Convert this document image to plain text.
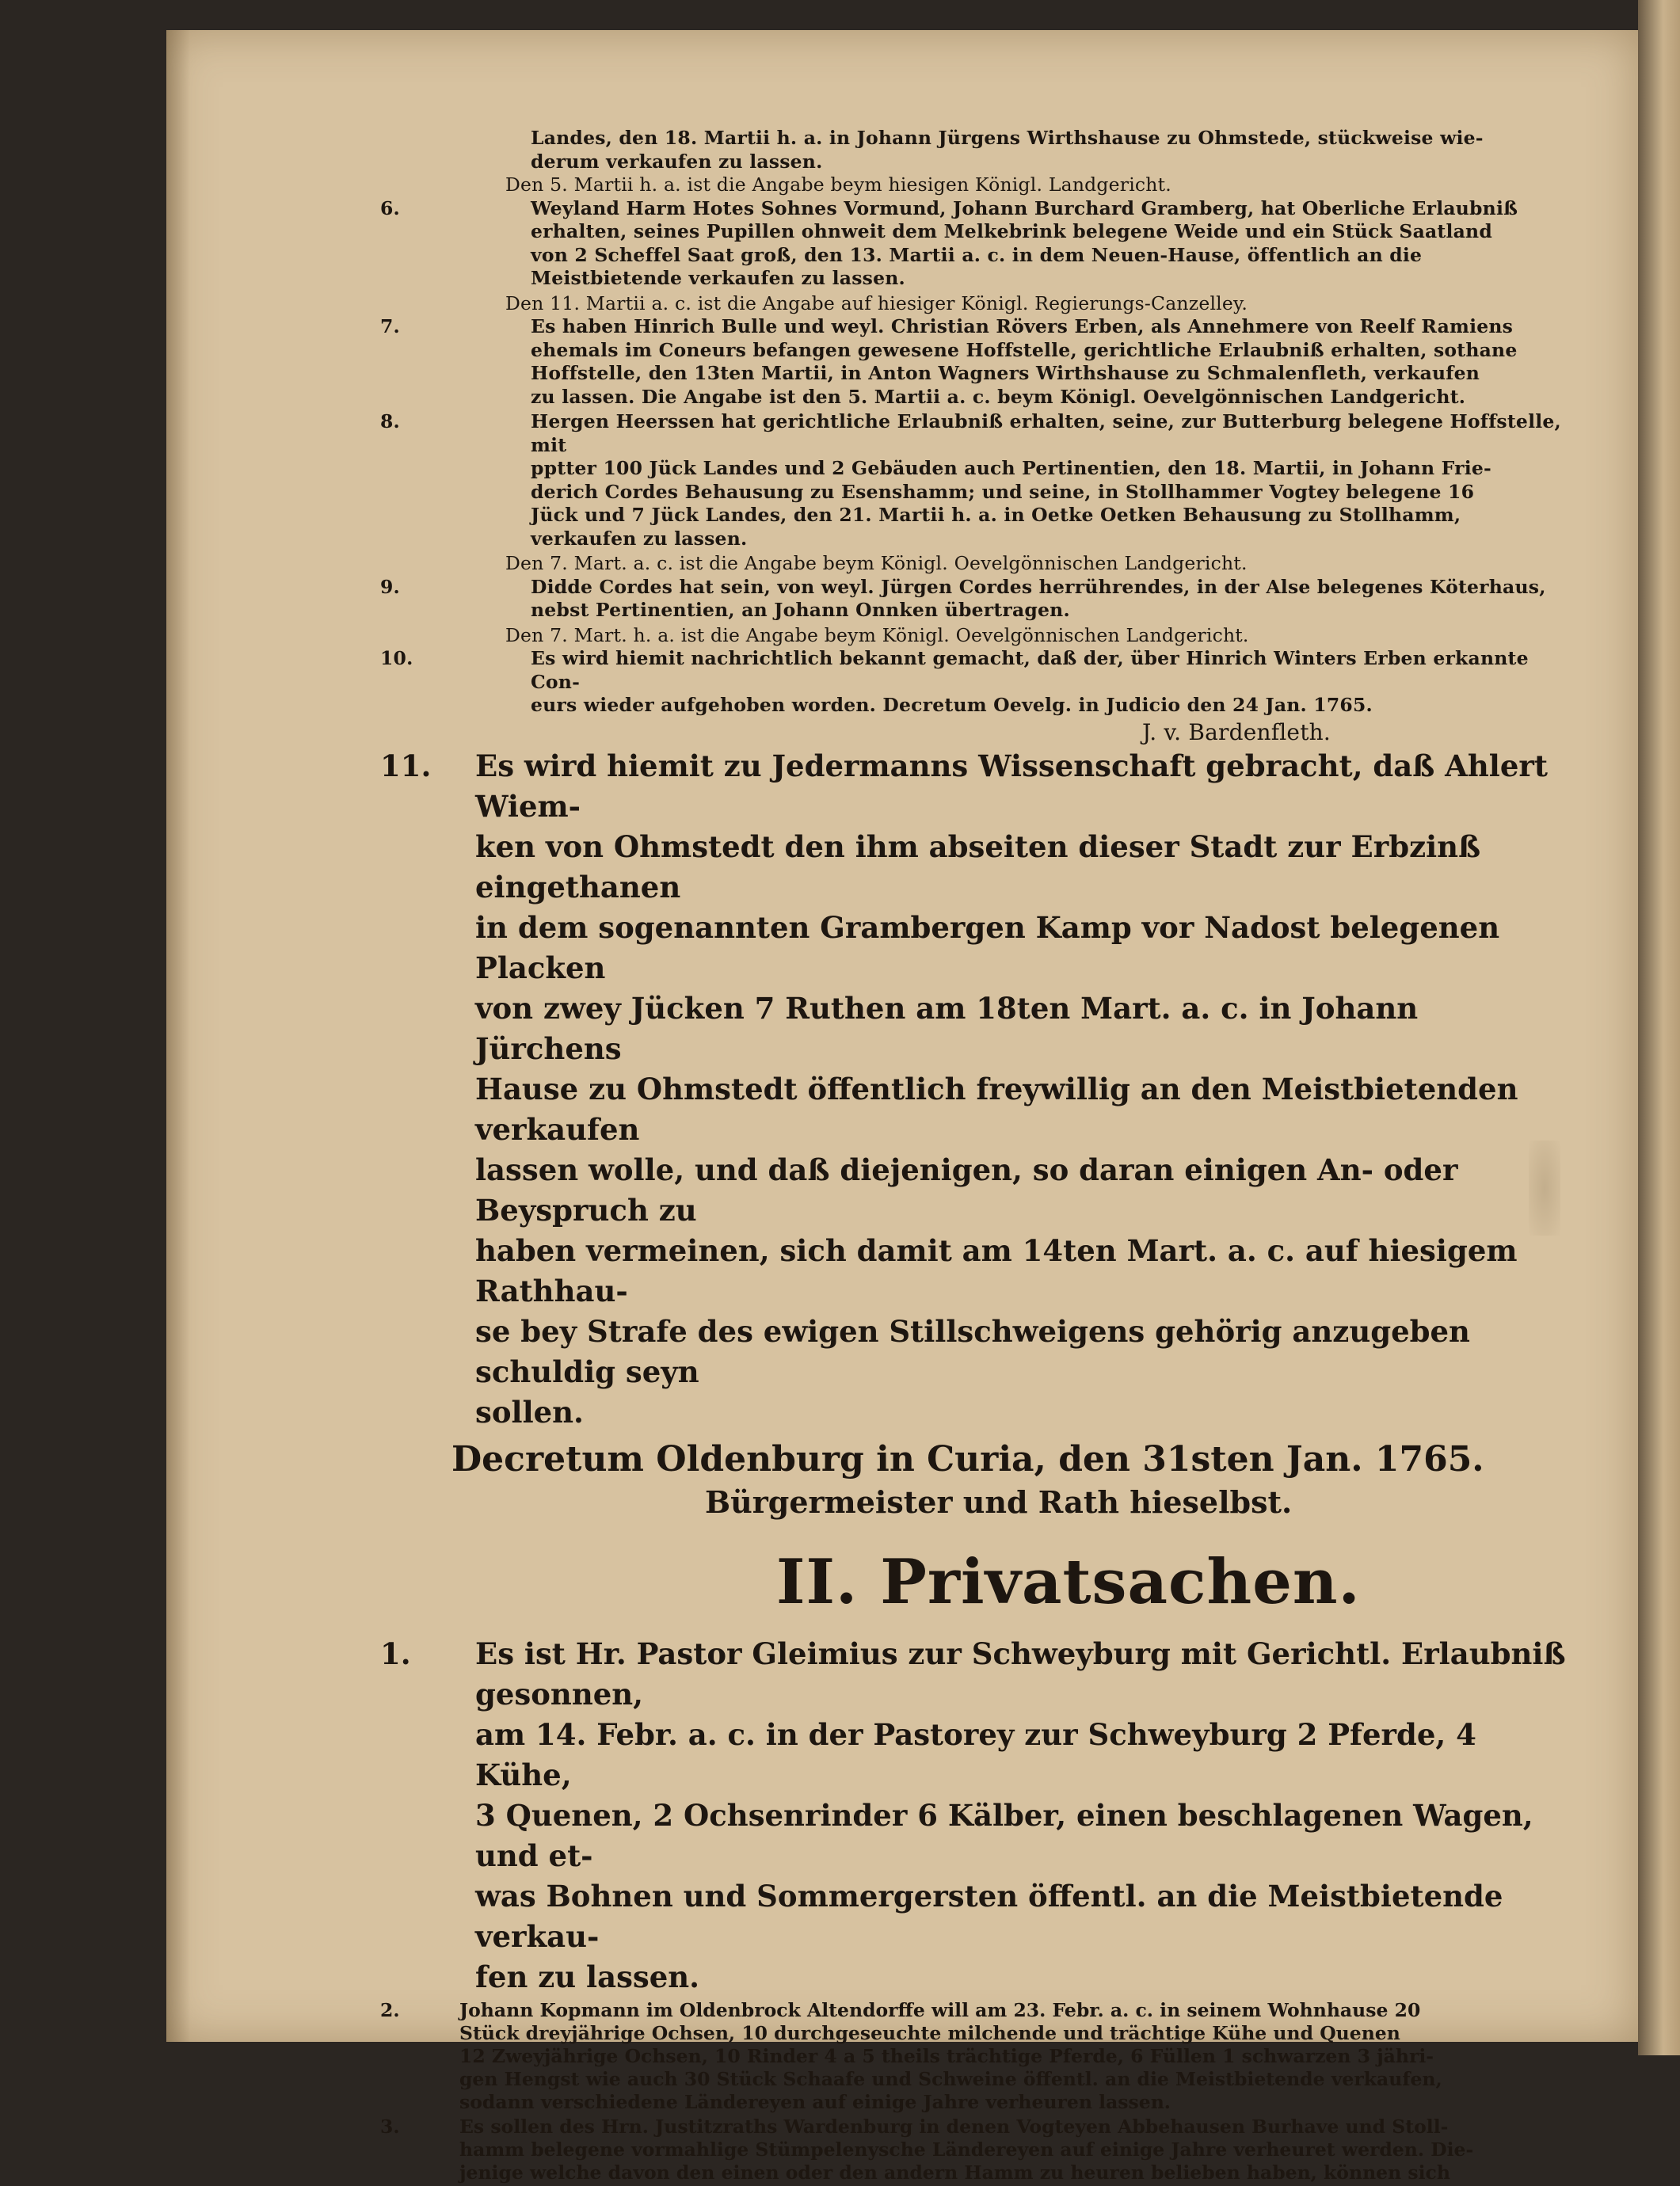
Landes, den 18. Martii h. a. in Johann Jürgens Wirthshause zu Ohmstede, stückweise wie-

derum verkaufen zu lassen.

Den 5. Martii h. a. ist die Angabe beym hiesigen Königl. Landgericht.

6.	Weyland Harm Hotes Sohnes Vormund, Johann Burchard Gramberg, hat Oberliche Erlaubniß

erhalten, seines Pupillen ohnweit dem Melkebrink belegene Weide und ein Stück Saatland

von 2 Scheffel Saat groß, den 13. Martii a. c. in dem Neuen-Hause, öffentlich an die

Meistbietende verkaufen zu lassen.

Den 11. Martii a. c. ist die Angabe auf hiesiger Königl. Regierungs-Canzelley.

7.	Es haben Hinrich Bulle und weyl. Christian Rövers Erben, als Annehmere von Reelf Ramiens

ehemals im Coneurs befangen gewesene Hoffstelle, gerichtliche Erlaubniß erhalten, sothane

Hoffstelle, den 13ten Martii, in Anton Wagners Wirthshause zu Schmalenfleth, verkaufen

zu lassen. Die Angabe ist den 5. Martii a. c. beym Königl. Oevelgönnischen Landgericht.

8.	Hergen Heerssen hat gerichtliche Erlaubniß erhalten, seine, zur Butterburg belegene Hoffstelle, mit

pptter 100 Jück Landes und 2 Gebäuden auch Pertinentien, den 18. Martii, in Johann Frie-

derich Cordes Behausung zu Esenshamm; und seine, in Stollhammer Vogtey belegene 16

Jück und 7 Jück Landes, den 21. Martii h. a. in Oetke Oetken Behausung zu Stollhamm,

verkaufen zu lassen.

Den 7. Mart. a. c. ist die Angabe beym Königl. Oevelgönnischen Landgericht.

9.	Didde Cordes hat sein, von weyl. Jürgen Cordes herrührendes, in der Alse belegenes Köterhaus,

nebst Pertinentien, an Johann Onnken übertragen.

Den 7. Mart. h. a. ist die Angabe beym Königl. Oevelgönnischen Landgericht.

10.	Es wird hiemit nachrichtlich bekannt gemacht, daß der, über Hinrich Winters Erben erkannte Con-

eurs wieder aufgehoben worden. Decretum Oevelg. in Judicio den 24 Jan. 1765.

J. v. Bardenfleth.

11.	Es wird hiemit zu Jedermanns Wissenschaft gebracht, daß Ahlert Wiem-

ken von Ohmstedt den ihm abseiten dieser Stadt zur Erbzinß eingethanen

in dem sogenannten Grambergen Kamp vor Nadost belegenen Placken

von zwey Jücken 7 Ruthen am 18ten Mart. a. c. in Johann Jürchens

Hause zu Ohmstedt öffentlich freywillig an den Meistbietenden verkaufen

lassen wolle, und daß diejenigen, so daran einigen An- oder Beyspruch zu

haben vermeinen, sich damit am 14ten Mart. a. c. auf hiesigem Rathhau-

se bey Strafe des ewigen Stillschweigens gehörig anzugeben schuldig seyn

sollen.

Decretum Oldenburg in Curia, den 31sten Jan. 1765.

Bürgermeister und Rath hieselbst.

II. Privatsachen.
1.	Es ist Hr. Pastor Gleimius zur Schweyburg mit Gerichtl. Erlaubniß gesonnen,

am 14. Febr. a. c. in der Pastorey zur Schweyburg 2 Pferde, 4 Kühe,

3 Quenen, 2 Ochsenrinder 6 Kälber, einen beschlagenen Wagen, und et-

was Bohnen und Sommergersten öffentl. an die Meistbietende verkau-

fen zu lassen.

2.	Johann Kopmann im Oldenbrock Altendorffe will am 23. Febr. a. c. in seinem Wohnhause 20

Stück dreyjährige Ochsen, 10 durchgeseuchte milchende und trächtige Kühe und Quenen

12 Zweyjährige Ochsen, 10 Rinder 4 a 5 theils trächtige Pferde, 6 Füllen 1 schwarzen 3 jähri-

gen Hengst wie auch 30 Stück Schaafe und Schweine öffentl. an die Meistbietende verkaufen,

sodann verschiedene Ländereyen auf einige Jahre verheuren lassen.

3.	Es sollen des Hrn. Justitzraths Wardenburg in denen Vogteyen Abbehausen Burhave und Stoll-

hamm belegene vormahlige Stümpelenysche Ländereyen auf einige Jahre verheuret werden. Die-

jenige welche davon den einen oder den andern Hamm zu heuren belieben haben, können sich
